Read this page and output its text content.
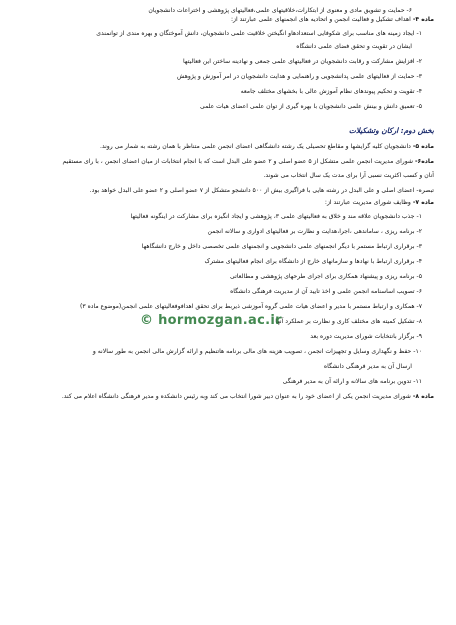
۶- حمایت و تشویق مادی و معنوی از ابتکارات،خلاقیتهای علمی،فعالیتهای پژوهشی و اختراعات دانشجویان
ماده ۴- اهداف تشکیل و فعالیت انجمن و اتحادیه های انجمنهای علمی عبارتند از:
۱- ایجاد زمینه های مناسب برای شکوفایی استعدادهاو انگیختن خلاقیت علمی دانشجویان، دانش آموختگان و بهره مندی از توانمندی
ایشان در تقویت و تحقق فضای علمی دانشگاه
۲- افزایش مشارکت و رقابت دانشجویان در فعالیتهای علمی جمعی و نهادینه ساختن این فعالیتها
۳- حمایت از فعالیتهای علمی پدانشجویی و راهنمایی و هدایت دانشجویان در امر آموزش و پژوهش
۴- تقویت و تحکیم پیوندهای نظام آموزش عالی با بخشهای مختلف جامعه
۵- تعمیق دانش و بینش علمی دانشجویان با بهره گیری از توان علمی اعضای هیات علمی
بخش دوم: ارکان وتشکیلات
ماده ۵- دانشجویان کلیه گرایشها و مقاطع تحصیلی یک رشته دانشگاهی اعضای انجمن علمی متناظر با همان رشته به شمار می روند.
ماده۶- شورای مدیریت انجمن علمی متشکل از ۵ عضو اصلی و ۲ عضو علی البدل است که با انجام انتخابات از میان اعضای انجمن ، با رای مستقیم
آنان و کسب اکثریت نسبی آرا برای مدت یک سال انتخاب می شوند.
تبصره- اعضای اصلی و علی البدل در رشته هایی با فراگیری بیش از ۵۰۰ دانشجو متشکل از ۷ عضو اصلی و ۲ عضو علی البدل خواهد بود.
ماده ۷- وظایف شورای مدیریت عبارتند از:
۱- جذب دانشجویان علاقه مند و خلاق به فعالیتهای علمی ۳، پژوهشی و ایجاد انگیزه برای مشارکت در اینگونه فعالیتها
۲- برنامه ریزی ، ساماندهی ،اجرا،هدایت و نظارت بر فعالیتهای ادواری و سالانه انجمن
۳- برقراری ارتباط مستمر با دیگر انجمنهای علمی دانشجویی و انجمنهای علمی تخصصی داخل و خارج دانشگاهها
۴- برقراری ارتباط با نهادها و سازمانهای خارج از دانشگاه برای انجام فعالیتهای مشترک
۵- برنامه ریزی و پیشنهاد همکاری برای اجرای طرحهای پژوهشی و مطالعاتی
۶- تصویب اساسنامه انجمن علمی و اخذ تایید آن از مدیریت فرهنگی دانشگاه
۷- همکاری و ارتباط مستمر با مدیر و اعضای هیات علمی گروه آموزشی ذیربط برای تحقق اهدافوفعالیتهای علمی انجمن(موضوع ماده ۳)
۸- تشکیل کمیته های مختلف کاری و نظارت بر عملکرد آنها
۹- برگزار بانتخابات شورای مدیریت دوره بعد
۱۰- حفظ و نگهداری وسایل و تجهیزات انجمن ، تصویب هزینه های مالی برنامه هاتنظیم و ارائه گزارش مالی انجمن به طور سالانه و
ارسال آن به مدیر فرهنگی دانشگاه
۱۱- تدوین برنامه های سالانه و ارائه آن به مدیر فرهنگی
ماده ۸- شورای مدیریت انجمن یکی از اعضای خود را به عنوان دبیر شورا انتخاب می کند وبه رئیس دانشکده و مدیر فرهنگی دانشگاه اعلام می کند.
© hormozgan.ac.ir
